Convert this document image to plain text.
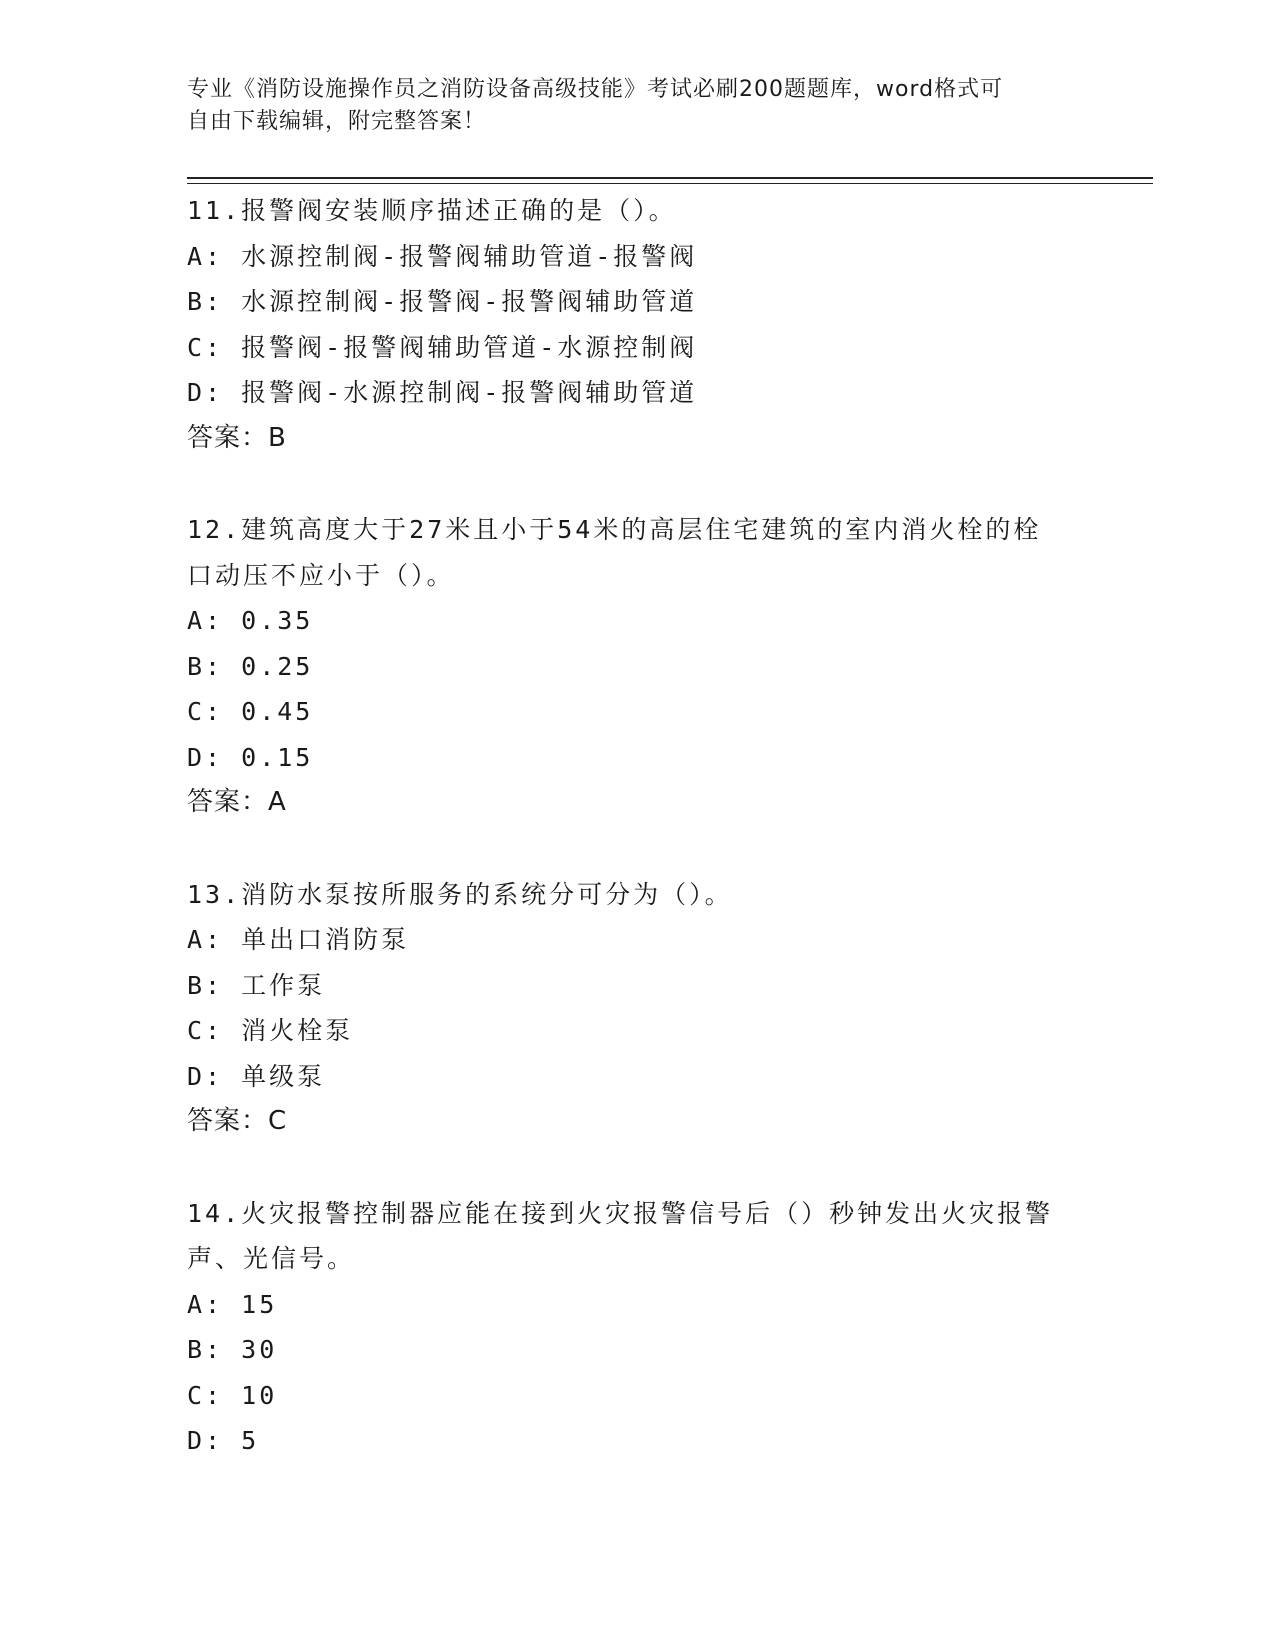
专业《消防设施操作员之消防设备高级技能》考试必刷200题题库，word格式可
自由下载编辑，附完整答案！
11.报警阀安装顺序描述正确的是（）。
A: 水源控制阀-报警阀辅助管道-报警阀
B: 水源控制阀-报警阀-报警阀辅助管道
C: 报警阀-报警阀辅助管道-水源控制阀
D: 报警阀-水源控制阀-报警阀辅助管道
答案：B
12.建筑高度大于27米且小于54米的高层住宅建筑的室内消火栓的栓
口动压不应小于（）。
A: 0.35
B: 0.25
C: 0.45
D: 0.15
答案：A
13.消防水泵按所服务的系统分可分为（）。
A: 单出口消防泵
B: 工作泵
C: 消火栓泵
D: 单级泵
答案：C
14.火灾报警控制器应能在接到火灾报警信号后（）秒钟发出火灾报警
声、光信号。
A: 15
B: 30
C: 10
D: 5
